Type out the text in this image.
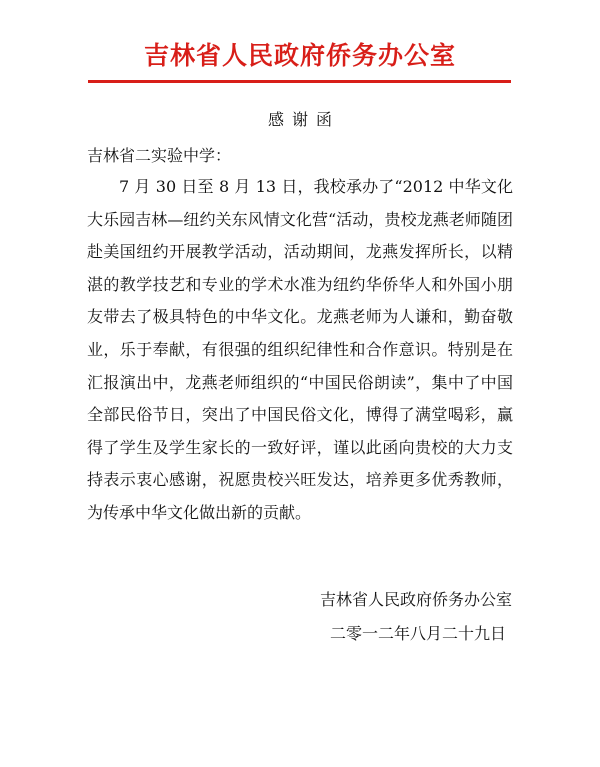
吉林省人民政府侨务办公室
感谢函
吉林省二实验中学：

7 月 30 日至 8 月 13 日，我校承办了“2012 中华文化大乐园吉林—纽约关东风情文化营“活动，贵校龙燕老师随团赴美国纽约开展教学活动，活动期间，龙燕发挥所长，以精湛的教学技艺和专业的学术水准为纽约华侨华人和外国小朋友带去了极具特色的中华文化。龙燕老师为人谦和，勤奋敬业，乐于奉献，有很强的组织纪律性和合作意识。特别是在汇报演出中，龙燕老师组织的“中国民俗朗读”，集中了中国全部民俗节日，突出了中国民俗文化，博得了满堂喝彩，赢得了学生及学生家长的一致好评，谨以此函向贵校的大力支持表示衷心感谢，祝愿贵校兴旺发达，培养更多优秀教师，为传承中华文化做出新的贡献。

吉林省人民政府侨务办公室
二零一二年八月二十九日
